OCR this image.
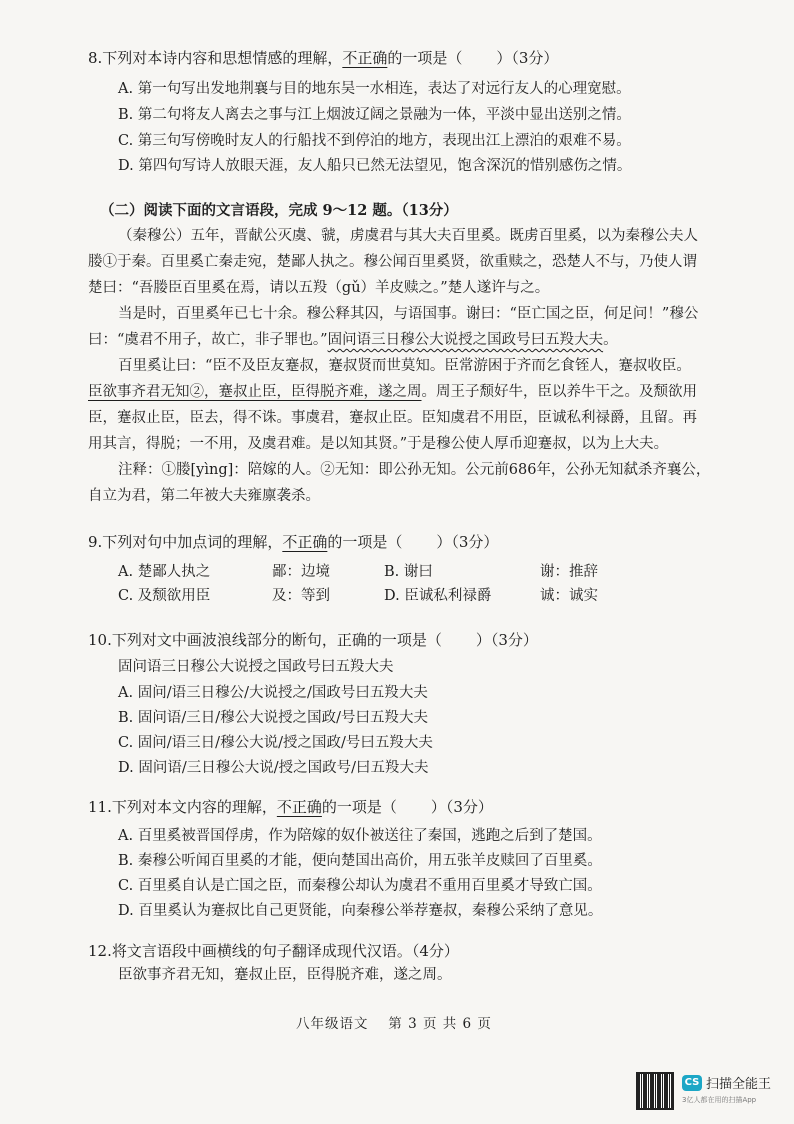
8.下列对本诗内容和思想情感的理解，不正确的一项是（ ）（3分）
A. 第一句写出发地荆襄与目的地东吴一水相连，表达了对远行友人的心理宽慰。
B. 第二句将友人离去之事与江上烟波辽阔之景融为一体，平淡中显出送别之情。
C. 第三句写傍晚时友人的行船找不到停泊的地方，表现出江上漂泊的艰难不易。
D. 第四句写诗人放眼天涯，友人船只已然无法望见，饱含深沉的惜别感伤之情。
（二）阅读下面的文言语段，完成 9～12 题。（13分）
（秦穆公）五年，晋献公灭虞、虢，虏虞君与其大夫百里奚。既虏百里奚，以为秦穆公夫人
媵①于秦。百里奚亡秦走宛，楚鄙人执之。穆公闻百里奚贤，欲重赎之，恐楚人不与，乃使人谓
楚曰：“吾媵臣百里奚在焉，请以五羖（gǔ）羊皮赎之。”楚人遂许与之。
当是时，百里奚年已七十余。穆公释其囚，与语国事。谢曰：“臣亡国之臣，何足问！”穆公
曰：“虞君不用子，故亡，非子罪也。”固问语三日穆公大说授之国政号曰五羖大夫。
百里奚让曰：“臣不及臣友蹇叔，蹇叔贤而世莫知。臣常游困于齐而乞食铚人，蹇叔收臣。
臣欲事齐君无知②，蹇叔止臣，臣得脱齐难，遂之周。周王子颓好牛，臣以养牛干之。及颓欲用
臣，蹇叔止臣，臣去，得不诛。事虞君，蹇叔止臣。臣知虞君不用臣，臣诚私利禄爵，且留。再
用其言，得脱；一不用，及虞君难。是以知其贤。”于是穆公使人厚币迎蹇叔，以为上大夫。
注释：①媵[yìng]：陪嫁的人。②无知：即公孙无知。公元前686年，公孙无知弑杀齐襄公，
自立为君，第二年被大夫雍廪袭杀。
9.下列对句中加点词的理解，不正确的一项是（ ）（3分）
A. 楚鄙人执之	鄙：边境	B. 谢曰	谢：推辞
C. 及颓欲用臣	及：等到	D. 臣诚私利禄爵	诚：诚实
10.下列对文中画波浪线部分的断句，正确的一项是（ ）（3分）
固问语三日穆公大说授之国政号曰五羖大夫
A. 固问/语三日穆公/大说授之/国政号曰五羖大夫
B. 固问语/三日/穆公大说授之国政/号曰五羖大夫
C. 固问/语三日/穆公大说/授之国政/号曰五羖大夫
D. 固问语/三日穆公大说/授之国政号/曰五羖大夫
11.下列对本文内容的理解，不正确的一项是（ ）（3分）
A. 百里奚被晋国俘虏，作为陪嫁的奴仆被送往了秦国，逃跑之后到了楚国。
B. 秦穆公听闻百里奚的才能，便向楚国出高价，用五张羊皮赎回了百里奚。
C. 百里奚自认是亡国之臣，而秦穆公却认为虞君不重用百里奚才导致亡国。
D. 百里奚认为蹇叔比自己更贤能，向秦穆公举荐蹇叔，秦穆公采纳了意见。
12.将文言语段中画横线的句子翻译成现代汉语。（4分）
臣欲事齐君无知，蹇叔止臣，臣得脱齐难，遂之周。
八年级语文　 第 3 页 共 6 页
CS 扫描全能王
3亿人都在用的扫描App
